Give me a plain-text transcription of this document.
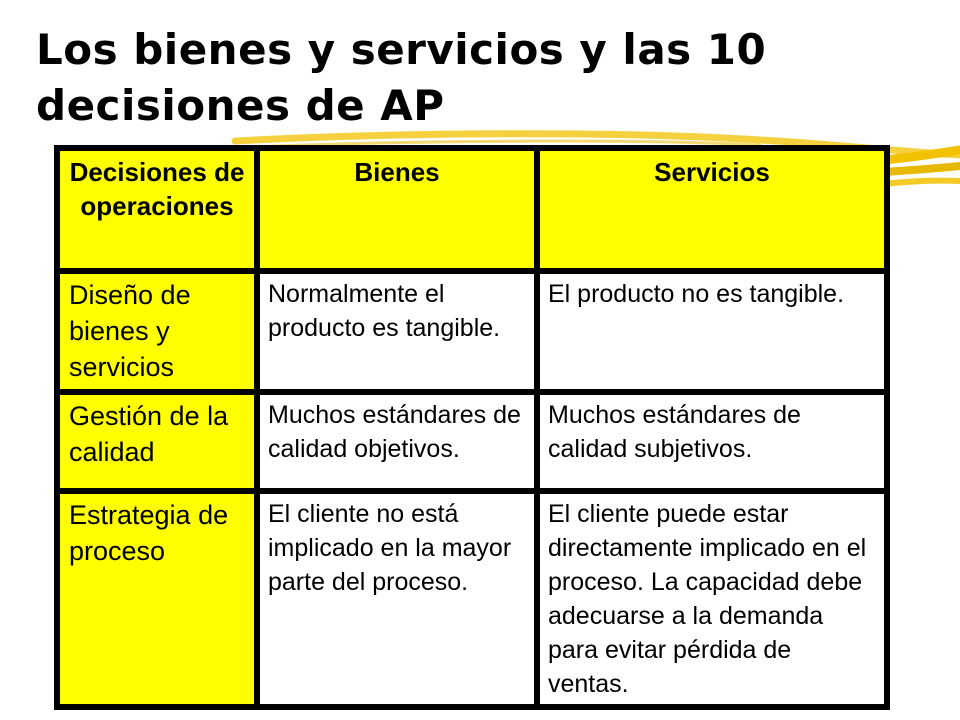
Los bienes y servicios y las 10
decisiones de AP
Decisiones de operaciones	Bienes	Servicios
Diseño de bienes y servicios	Normalmente el producto es tangible.	El producto no es tangible.
Gestión de la calidad	Muchos estándares de calidad objetivos.	Muchos estándares de calidad subjetivos.
Estrategia de proceso	El cliente no está implicado en la mayor parte del proceso.	El cliente puede estar directamente implicado en el proceso. La capacidad debe adecuarse a la demanda para evitar pérdida de ventas.
